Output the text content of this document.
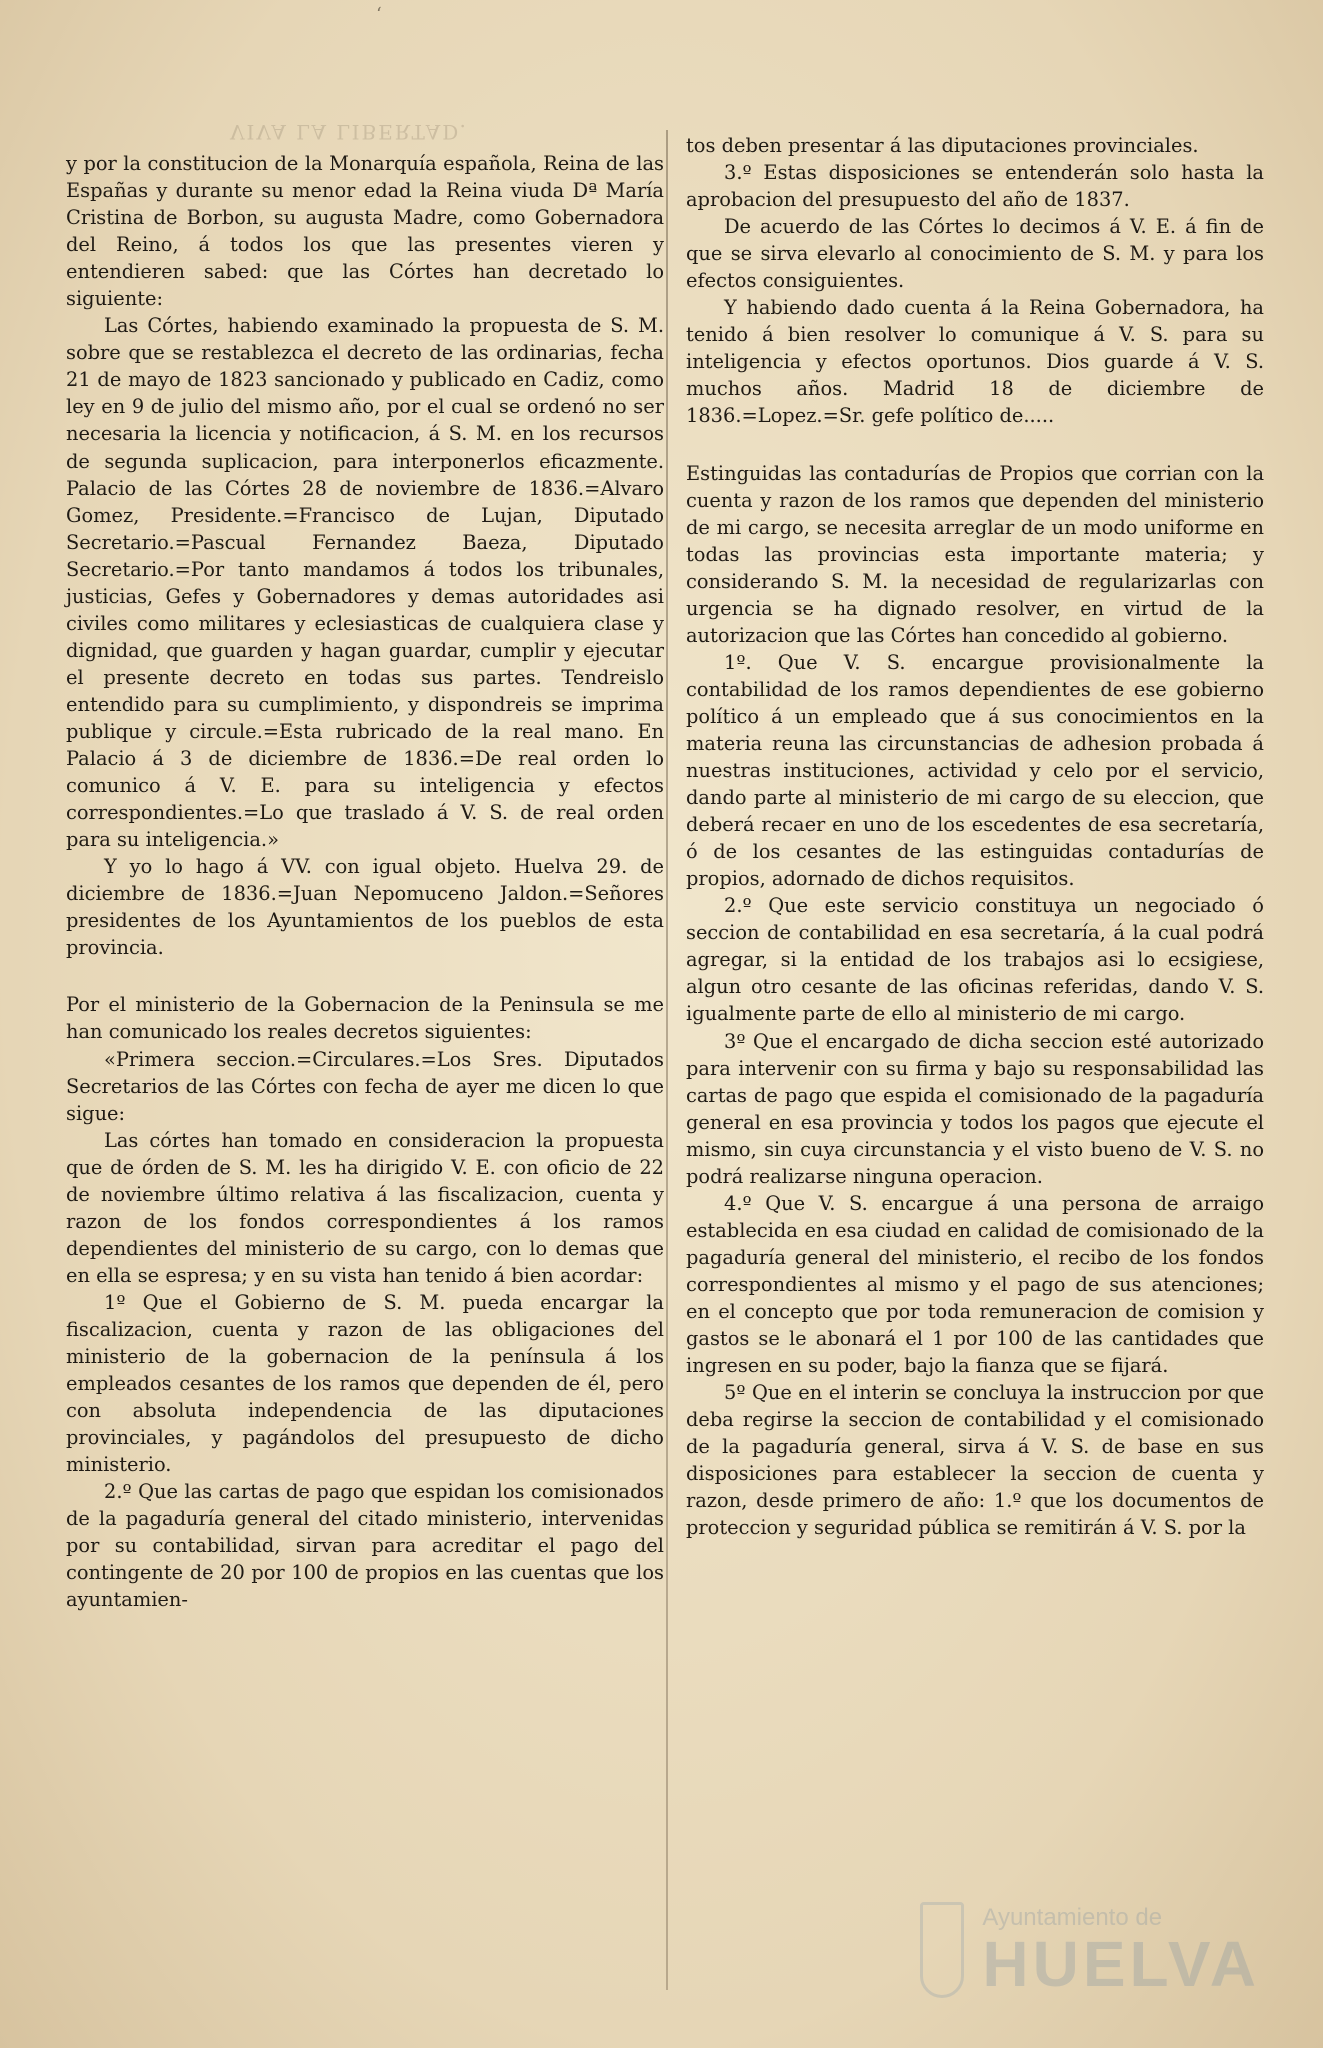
‘
VIVA LA LIBERTAD.

y por la constitucion de la Monarquía española, Reina de las Españas y durante su menor edad la Reina viuda Dª María Cristina de Borbon, su augusta Madre, como Gobernadora del Reino, á todos los que las presentes vieren y entendieren sabed: que las Córtes han decretado lo siguiente:

Las Córtes, habiendo examinado la propuesta de S. M. sobre que se restablezca el decreto de las ordinarias, fecha 21 de mayo de 1823 sancionado y publicado en Cadiz, como ley en 9 de julio del mismo año, por el cual se ordenó no ser necesaria la licencia y notificacion, á S. M. en los recursos de segunda suplicacion, para interponerlos eficazmente. Palacio de las Córtes 28 de noviembre de 1836.=Alvaro Gomez, Presidente.=Francisco de Lujan, Diputado Secretario.=Pascual Fernandez Baeza, Diputado Secretario.=Por tanto mandamos á todos los tribunales, justicias, Gefes y Gobernadores y demas autoridades asi civiles como militares y eclesiasticas de cualquiera clase y dignidad, que guarden y hagan guardar, cumplir y ejecutar el presente decreto en todas sus partes. Tendreislo entendido para su cumplimiento, y dispondreis se imprima publique y circule.=Esta rubricado de la real mano. En Palacio á 3 de diciembre de 1836.=De real orden lo comunico á V. E. para su inteligencia y efectos correspondientes.=Lo que traslado á V. S. de real orden para su inteligencia.»

Y yo lo hago á VV. con igual objeto. Huelva 29. de diciembre de 1836.=Juan Nepomuceno Jaldon.=Señores presidentes de los Ayuntamientos de los pueblos de esta provincia.

Por el ministerio de la Gobernacion de la Peninsula se me han comunicado los reales decretos siguientes:

«Primera seccion.=Circulares.=Los Sres. Diputados Secretarios de las Córtes con fecha de ayer me dicen lo que sigue:

Las córtes han tomado en consideracion la propuesta que de órden de S. M. les ha dirigido V. E. con oficio de 22 de noviembre último relativa á las fiscalizacion, cuenta y razon de los fondos correspondientes á los ramos dependientes del ministerio de su cargo, con lo demas que en ella se espresa; y en su vista han tenido á bien acordar:

1º Que el Gobierno de S. M. pueda encargar la fiscalizacion, cuenta y razon de las obligaciones del ministerio de la gobernacion de la península á los empleados cesantes de los ramos que dependen de él, pero con absoluta independencia de las diputaciones provinciales, y pagándolos del presupuesto de dicho ministerio.

2.º Que las cartas de pago que espidan los comisionados de la pagaduría general del citado ministerio, intervenidas por su contabilidad, sirvan para acreditar el pago del contingente de 20 por 100 de propios en las cuentas que los ayuntamien-

tos deben presentar á las diputaciones provinciales.

3.º Estas disposiciones se entenderán solo hasta la aprobacion del presupuesto del año de 1837.

De acuerdo de las Córtes lo decimos á V. E. á fin de que se sirva elevarlo al conocimiento de S. M. y para los efectos consiguientes.

Y habiendo dado cuenta á la Reina Gobernadora, ha tenido á bien resolver lo comunique á V. S. para su inteligencia y efectos oportunos. Dios guarde á V. S. muchos años. Madrid 18 de diciembre de 1836.=Lopez.=Sr. gefe político de.....

Estinguidas las contadurías de Propios que corrian con la cuenta y razon de los ramos que dependen del ministerio de mi cargo, se necesita arreglar de un modo uniforme en todas las provincias esta importante materia; y considerando S. M. la necesidad de regularizarlas con urgencia se ha dignado resolver, en virtud de la autorizacion que las Córtes han concedido al gobierno.

1º. Que V. S. encargue provisionalmente la contabilidad de los ramos dependientes de ese gobierno político á un empleado que á sus conocimientos en la materia reuna las circunstancias de adhesion probada á nuestras instituciones, actividad y celo por el servicio, dando parte al ministerio de mi cargo de su eleccion, que deberá recaer en uno de los escedentes de esa secretaría, ó de los cesantes de las estinguidas contadurías de propios, adornado de dichos requisitos.

2.º Que este servicio constituya un negociado ó seccion de contabilidad en esa secretaría, á la cual podrá agregar, si la entidad de los trabajos asi lo ecsigiese, algun otro cesante de las oficinas referidas, dando V. S. igualmente parte de ello al ministerio de mi cargo.

3º Que el encargado de dicha seccion esté autorizado para intervenir con su firma y bajo su responsabilidad las cartas de pago que espida el comisionado de la pagaduría general en esa provincia y todos los pagos que ejecute el mismo, sin cuya circunstancia y el visto bueno de V. S. no podrá realizarse ninguna operacion.

4.º Que V. S. encargue á una persona de arraigo establecida en esa ciudad en calidad de comisionado de la pagaduría general del ministerio, el recibo de los fondos correspondientes al mismo y el pago de sus atenciones; en el concepto que por toda remuneracion de comision y gastos se le abonará el 1 por 100 de las cantidades que ingresen en su poder, bajo la fianza que se fijará.

5º Que en el interin se concluya la instruccion por que deba regirse la seccion de contabilidad y el comisionado de la pagaduría general, sirva á V. S. de base en sus disposiciones para establecer la seccion de cuenta y razon, desde primero de año: 1.º que los documentos de proteccion y seguridad pública se remitirán á V. S. por la

Ayuntamiento de
HUELVA
